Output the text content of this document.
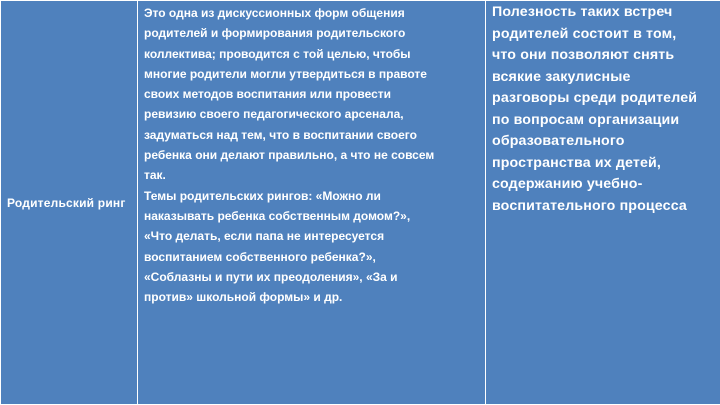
Родительский ринг

Это одна из дискуссионных форм общения
родителей и формирования родительского
коллектива; проводится с той целью, чтобы
многие родители могли утвердиться в правоте
своих методов воспитания или провести
ревизию своего педагогического арсенала,
задуматься над тем, что в воспитании своего
ребенка они делают правильно, а что не совсем
так.
Темы родительских рингов: «Можно ли
наказывать ребенка собственным домом?»,
«Что делать, если папа не интересуется
воспитанием собственного ребенка?»,
«Соблазны и пути их преодоления», «За и
против» школьной формы» и др.

Полезность таких встреч
родителей состоит в том,
что они позволяют снять
всякие закулисные
разговоры среди родителей
по вопросам организации
образовательного
пространства их детей,
содержанию учебно-
воспитательного процесса
